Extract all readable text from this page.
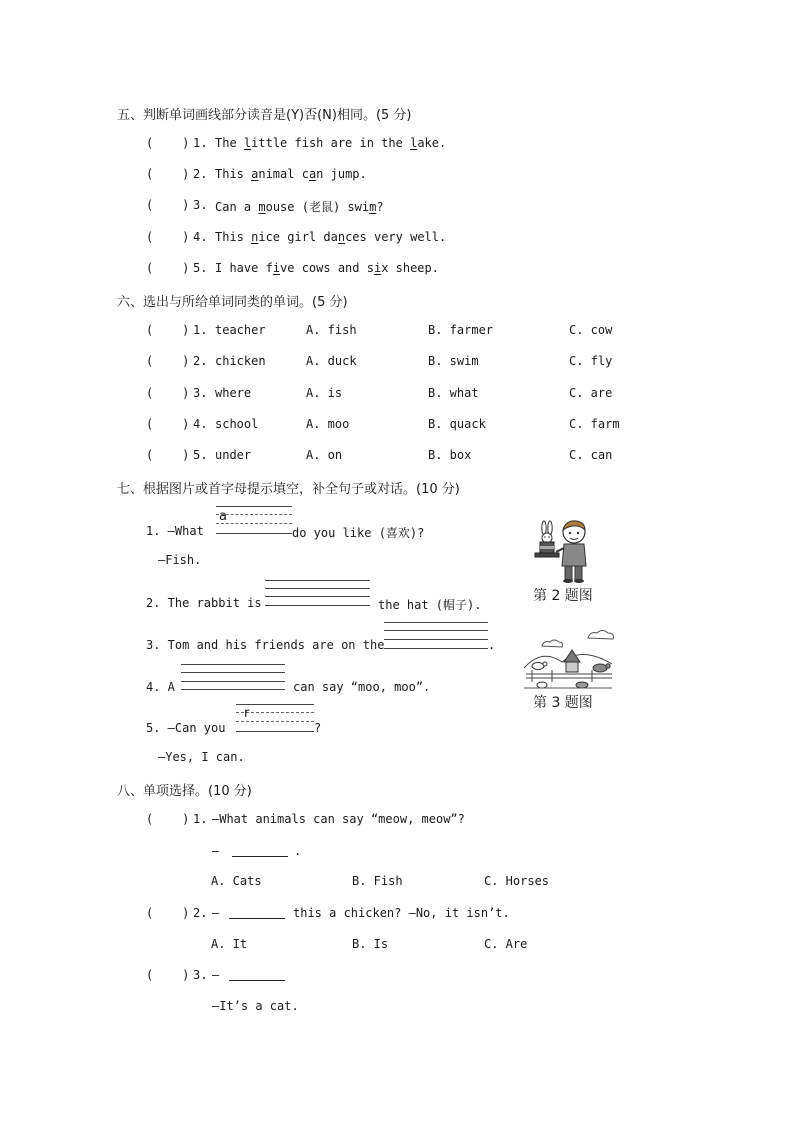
五、判断单词画线部分读音是(Y)否(N)相同。(5 分)
(    ) 1. The little fish are in the lake.
(    ) 2. This animal can jump.
(    ) 3. Can a mouse (老鼠) swim?
(    ) 4. This nice girl dances very well.
(    ) 5. I have five cows and six sheep.
六、选出与所给单词同类的单词。(5 分)
(    ) 1. teacher	A. fish	B. farmer	C. cow
(    ) 2. chicken	A. duck	B. swim	C. fly
(    ) 3. where	A. is	B. what	C. are
(    ) 4. school	A. moo	B. quack	C. farm
(    ) 5. under	A. on	B. box	C. can
七、根据图片或首字母提示填空，补全句子或对话。(10 分)
1. —What
a
do you like (喜欢)?
—Fish.
2. The rabbit is	the hat (帽子).
3. Tom and his friends are on the	.
4. A	can say “moo, moo”.
5. —Can you
r
?
—Yes, I can.
第 2 题图
第 3 题图
八、单项选择。(10 分)
(    ) 1. —What animals can say “meow, meow”?
—	.
A. Cats	B. Fish	C. Horses
(    ) 2. —	this a chicken? —No, it isn’t.
A. It	B. Is	C. Are
(    ) 3. —
—It’s a cat.
